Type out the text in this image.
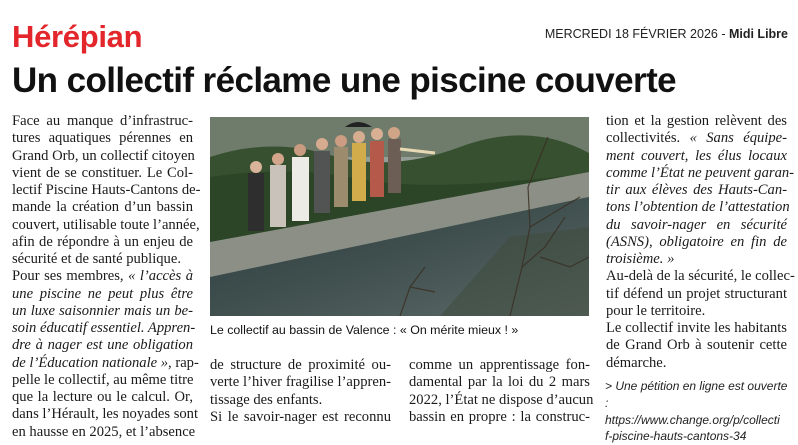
Hérépian	MERCREDI 18 FÉVRIER 2026 - Midi Libre
Un collectif réclame une piscine couverte
Face au manque d’infrastruc-
tures aquatiques pérennes en
Grand Orb, un collectif citoyen
vient de se constituer. Le Col-
lectif Piscine Hauts-Cantons de-
mande la création d’un bassin
couvert, utilisable toute l’année,
afin de répondre à un enjeu de
sécurité et de santé publique.
Pour ses membres, « l’accès à
une piscine ne peut plus être
un luxe saisonnier mais un be-
soin éducatif essentiel. Appren-
dre à nager est une obligation
de l’Éducation nationale », rap-
pelle le collectif, au même titre
que la lecture ou le calcul. Or,
dans l’Hérault, les noyades sont
en hausse en 2025, et l’absence
Le collectif au bassin de Valence : « On mérite mieux ! »
de structure de proximité ou-
verte l’hiver fragilise l’appren-
tissage des enfants.
Si le savoir-nager est reconnu
comme un apprentissage fon-
damental par la loi du 2 mars
2022, l’État ne dispose d’aucun
bassin en propre : la construc-
tion et la gestion relèvent des
collectivités. « Sans équipe-
ment couvert, les élus locaux
comme l’État ne peuvent garan-
tir aux élèves des Hauts-Can-
tons l’obtention de l’attestation
du savoir-nager en sécurité
(ASNS), obligatoire en fin de
troisième. »
Au-delà de la sécurité, le collec-
tif défend un projet structurant
pour le territoire.
Le collectif invite les habitants
de Grand Orb à soutenir cette
démarche.
> Une pétition en ligne est ouverte :
https://www.change.org/p/collecti
f-piscine-hauts-cantons-34
